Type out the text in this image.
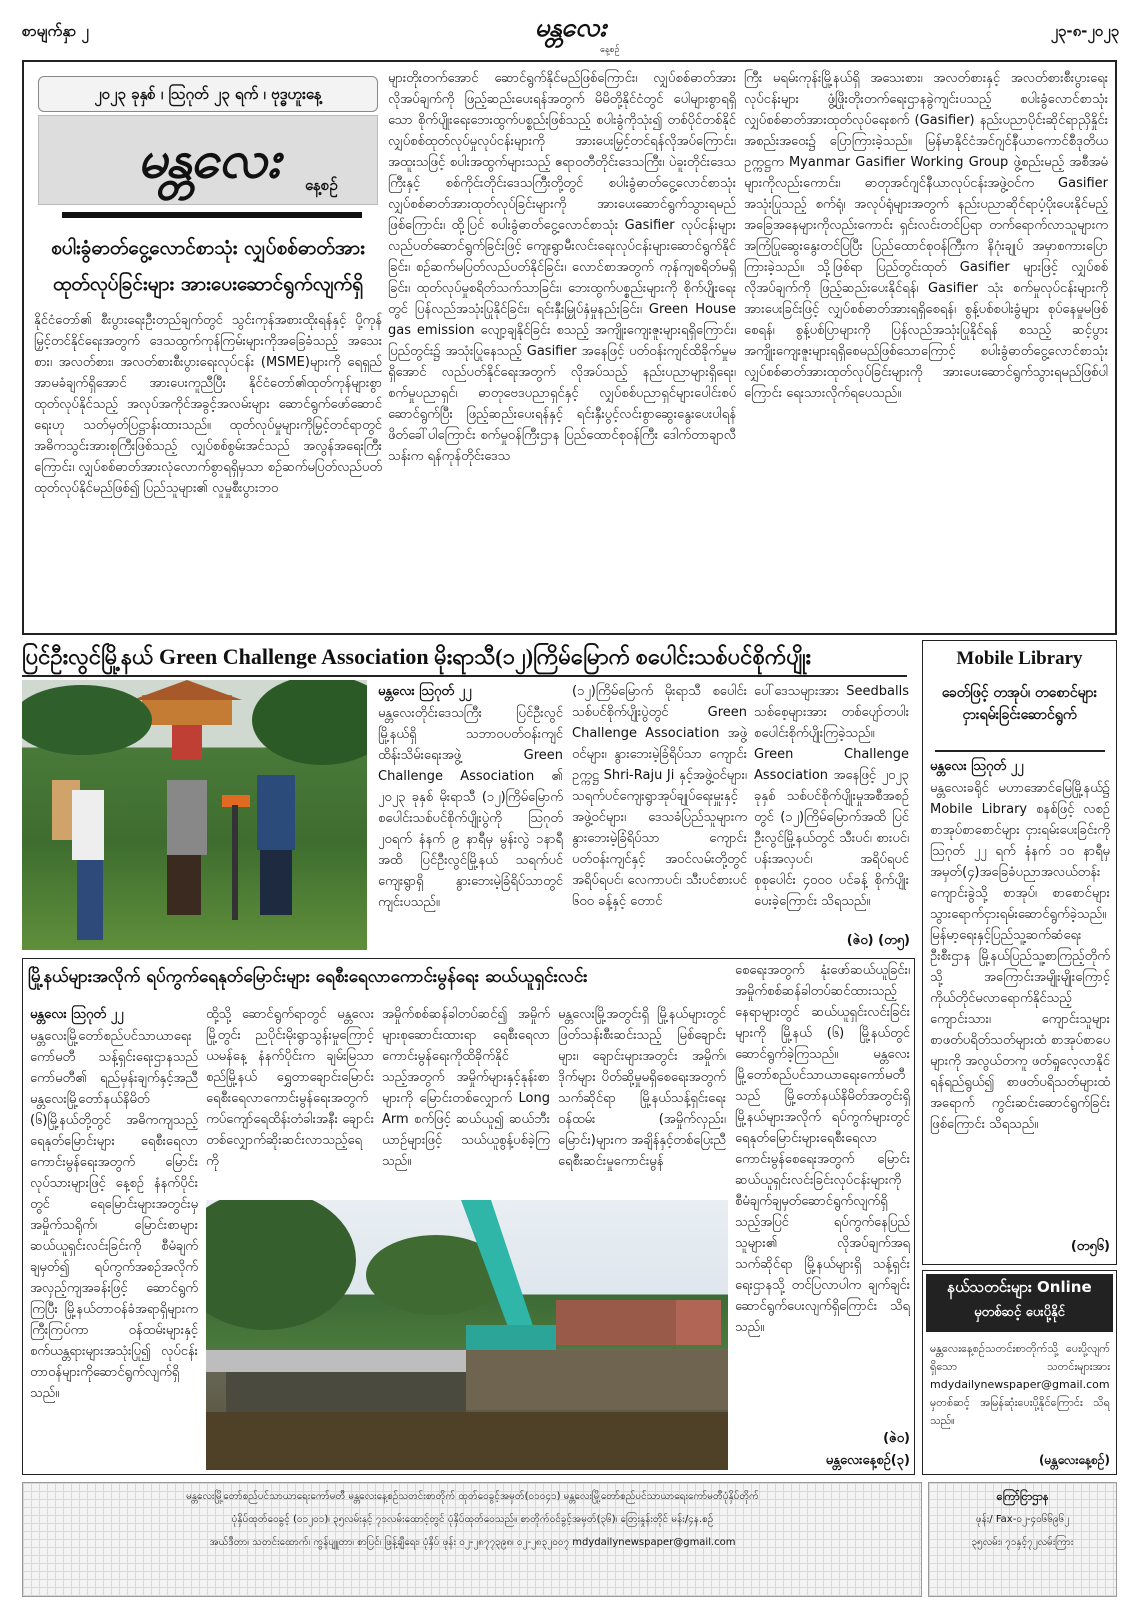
စာမျက်နှာ ၂	မန္တလေး
နေ့စဉ်
၂၃-၈-၂၀၂၃
၂၀၂၃ ခုနှစ် ၊ ဩဂုတ် ၂၃ ရက် ၊ ဗုဒ္ဓဟူးနေ့
မန္တလေး	နေ့စဉ်
စပါးခွံဓာတ်ငွေ့လောင်စာသုံး လျှပ်စစ်ဓာတ်အား ထုတ်လုပ်ခြင်းများ အားပေးဆောင်ရွက်လျက်ရှိ
နိုင်ငံတော်၏ စီးပွားရေးဦးတည်ချက်တွင် သွင်းကုန်အစားထိုးရန်နှင့် ပို့ကုန်မြှင့်တင်နိုင်ရေးအတွက် ဒေသထွက်ကုန်ကြမ်းများကိုအခြေခံသည့် အသေးစား၊ အလတ်စား၊ အလတ်စားစီးပွားရေးလုပ်ငန်း (MSME)များကို ရေရှည်အာမခံချက်ရှိအောင် အားပေးကူညီပြီး နိုင်ငံတော်၏ထုတ်ကုန်များစွာ ထုတ်လုပ်နိုင်သည့် အလုပ်အကိုင်အခွင့်အလမ်းများ ဆောင်ရွက်ဖော်ဆောင်ရေးဟု သတ်မှတ်ပြဋ္ဌာန်းထားသည်။ ထုတ်လုပ်မှုများကိုမြှင့်တင်ရာတွင် အဓိကသွင်းအားစုကြီးဖြစ်သည့် လျှပ်စစ်စွမ်းအင်သည် အလွန်အရေးကြီးကြောင်း၊ လျှပ်စစ်ဓာတ်အားလုံလောက်စွာရရှိမှသာ စဉ်ဆက်မပြတ်လည်ပတ်ထုတ်လုပ်နိုင်မည်ဖြစ်၍ ပြည်သူများ၏ လူမှုစီးပွားဘဝ
များတိုးတက်အောင် ဆောင်ရွက်နိုင်မည်ဖြစ်ကြောင်း၊ လျှပ်စစ်ဓာတ်အားလိုအပ်ချက်ကို ဖြည့်ဆည်းပေးရန်အတွက် မိမိတို့နိုင်ငံတွင် ပေါများစွာရရှိသော စိုက်ပျိုးရေးဘေးထွက်ပစ္စည်းဖြစ်သည့် စပါးခွံကိုသုံး၍ တစ်ပိုင်တစ်နိုင် လျှပ်စစ်ထုတ်လုပ်မှုလုပ်ငန်းများကို အားပေးမြှင့်တင်ရန်လိုအပ်ကြောင်း၊ အထူးသဖြင့် စပါးအထွက်များသည့် ဧရာဝတီတိုင်းဒေသကြီး၊ ပဲခူးတိုင်းဒေသကြီးနှင့် စစ်ကိုင်းတိုင်းဒေသကြီးတို့တွင် စပါးခွံဓာတ်ငွေ့လောင်စာသုံး လျှပ်စစ်ဓာတ်အားထုတ်လုပ်ခြင်းများကို အားပေးဆောင်ရွက်သွားရမည်ဖြစ်ကြောင်း၊ ထို့ပြင် စပါးခွံဓာတ်ငွေ့လောင်စာသုံး Gasifier လုပ်ငန်းများ လည်ပတ်ဆောင်ရွက်ခြင်းဖြင့် ကျေးရွာမီးလင်းရေးလုပ်ငန်းများဆောင်ရွက်နိုင်ခြင်း၊ စဉ်ဆက်မပြတ်လည်ပတ်နိုင်ခြင်း၊ လောင်စာအတွက် ကုန်ကျစရိတ်မရှိခြင်း၊ ထုတ်လုပ်မှုစရိတ်သက်သာခြင်း၊ ဘေးထွက်ပစ္စည်းများကို စိုက်ပျိုးရေးတွင် ပြန်လည်အသုံးပြုနိုင်ခြင်း၊ ရင်းနှီးမြှုပ်နှံမှုနည်းခြင်း၊ Green House gas emission လျော့ချနိုင်ခြင်း စသည့် အကျိုးကျေးဇူးများရရှိကြောင်း၊ ပြည်တွင်း၌ အသုံးပြုနေသည့် Gasifier အနေဖြင့် ပတ်ဝန်းကျင်ထိခိုက်မှုမရှိအောင် လည်ပတ်နိုင်ရေးအတွက် လိုအပ်သည့် နည်းပညာများရှိရေး၊ စက်မှုပညာရှင်၊ ဓာတုဗေဒပညာရှင်နှင့် လျှပ်စစ်ပညာရှင်များပေါင်းစပ်ဆောင်ရွက်ပြီး ဖြည့်ဆည်းပေးရန်နှင့် ရင်းနှီးပွင့်လင်းစွာဆွေးနွေးပေးပါရန် ဖိတ်ခေါ်ပါကြောင်း စက်မှုဝန်ကြီးဌာန ပြည်ထောင်စုဝန်ကြီး ဒေါက်တာချာလီသန်းက ရန်ကုန်တိုင်းဒေသ
ကြီး မရမ်းကုန်းမြို့နယ်ရှိ အသေးစား၊ အလတ်စားနှင့် အလတ်စားစီးပွားရေးလုပ်ငန်းများ ဖွံ့ဖြိုးတိုးတက်ရေးဌာနခွဲကျင်းပသည့် စပါးခွံလောင်စာသုံး လျှပ်စစ်ဓာတ်အားထုတ်လုပ်ရေးစက် (Gasifier) နည်းပညာပိုင်းဆိုင်ရာညှိနှိုင်းအစည်းအဝေး၌ ပြောကြားခဲ့သည်။ မြန်မာနိုင်ငံအင်ဂျင်နီယာကောင်စီဒုတိယဥက္ကဋ္ဌက Myanmar Gasifier Working Group ဖွဲ့စည်းမည့် အစီအမံများကိုလည်းကောင်း၊ ဓာတုအင်ဂျင်နီယာလုပ်ငန်းအဖွဲ့ဝင်က Gasifier အသုံးပြုသည့် စက်ရုံ၊ အလုပ်ရုံများအတွက် နည်းပညာဆိုင်ရာပံ့ပိုးပေးနိုင်မည့် အခြေအနေများကိုလည်းကောင်း ရှင်းလင်းတင်ပြရာ တက်ရောက်လာသူများက အကြံပြုဆွေးနွေးတင်ပြပြီး ပြည်ထောင်စုဝန်ကြီးက နိဂုံးချုပ် အမှာစကားပြောကြားခဲ့သည်။ သို့ဖြစ်ရာ ပြည်တွင်းထုတ် Gasifier များဖြင့် လျှပ်စစ်လိုအပ်ချက်ကို ဖြည့်ဆည်းပေးနိုင်ရန်၊ Gasifier သုံး စက်မှုလုပ်ငန်းများကို အားပေးခြင်းဖြင့် လျှပ်စစ်ဓာတ်အားရရှိစေရန်၊ စွန့်ပစ်စပါးခွံများ စုပ်နေမှုမဖြစ်စေရန်၊ စွန့်ပစ်ပြာများကို ပြန်လည်အသုံးပြုနိုင်ရန် စသည့် ဆင့်ပွားအကျိုးကျေးဇူးများရရှိစေမည်ဖြစ်သောကြောင့် စပါးခွံဓာတ်ငွေ့လောင်စာသုံး လျှပ်စစ်ဓာတ်အားထုတ်လုပ်ခြင်းများကို အားပေးဆောင်ရွက်သွားရမည်ဖြစ်ပါကြောင်း ရေးသားလိုက်ရပေသည်။
ပြင်ဦးလွင်မြို့နယ် Green Challenge Association မိုးရာသီ(၁၂)ကြိမ်မြောက် စပေါင်းသစ်ပင်စိုက်ပျိုး
မန္တလေး ဩဂုတ် ၂၂
မန္တလေးတိုင်းဒေသကြီး ပြင်ဦးလွင်မြို့နယ်ရှိ သဘာဝပတ်ဝန်းကျင်ထိန်းသိမ်းရေးအဖွဲ့ Green Challenge Association ၏ ၂၀၂၃ ခုနှစ် မိုးရာသီ (၁၂)ကြိမ်မြောက် စပေါင်းသစ်ပင်စိုက်ပျိုးပွဲကို ဩဂုတ် ၂၀ရက် နံနက် ၉ နာရီမှ မွန်းလွဲ ၁နာရီအထိ ပြင်ဦးလွင်မြို့နယ် သရက်ပင်ကျေးရွာရှိ နွားဘေးမဲ့ခြံရိပ်သာတွင် ကျင်းပသည်။
(၁၂)ကြိမ်မြောက် မိုးရာသီ စပေါင်းသစ်ပင်စိုက်ပျိုးပွဲတွင် Green Challenge Association အဖွဲ့ဝင်များ၊ နွားဘေးမဲ့ခြံရိပ်သာ ကျောင်းဥက္ကဋ္ဌ Shri-Raju Ji နှင့်အဖွဲ့ဝင်များ၊ သရက်ပင်ကျေးရွာအုပ်ချုပ်ရေးမှူးနှင့် အဖွဲ့ဝင်များ၊ ဒေသခံပြည်သူများက နွားဘေးမဲ့ခြံရိပ်သာ ကျောင်းပတ်ဝန်းကျင်နှင့် အဝင်လမ်းတို့တွင် အရိပ်ရပင်၊ လေကာပင်၊ သီးပင်စားပင် ၆၀၀ ခန့်နှင့် တောင်
ပေါ်ဒေသများအား Seedballs သစ်စေ့များအား တစ်ပျော်တပါး စပေါင်းစိုက်ပျိုးကြခဲ့သည်။ Green Challenge Association အနေဖြင့် ၂၀၂၃ ခုနှစ် သစ်ပင်စိုက်ပျိုးမှုအစီအစဉ်တွင် (၁၂)ကြိမ်မြောက်အထိ ပြင်ဦးလွင်မြို့နယ်တွင် သီးပင်၊ စားပင်၊ ပန်းအလှပင်၊ အရိပ်ရပင် စုစုပေါင်း ၄၀၀၀ ပင်ခန့် စိုက်ပျိုးပေးခဲ့ကြောင်း သိရသည်။
(ဇဲဝ) (တ၅)
Mobile Library
ခေတ်ဖြင့် တအုပ်၊ တစောင်များ ငှားရမ်းခြင်းဆောင်ရွက်
မန္တလေး ဩဂုတ် ၂၂
မန္တလေးခရိုင် မဟာအောင်မြေမြို့နယ်၌ Mobile Library စနစ်ဖြင့် လစဉ်စာအုပ်စာစောင်များ ငှားရမ်းပေးခြင်းကို ဩဂုတ် ၂၂ ရက် နံနက် ၁၀ နာရီမှ အမှတ်(၄)အခြေခံပညာအလယ်တန်းကျောင်းခွဲသို့ စာအုပ်၊ စာစောင်များ သွားရောက်ငှားရမ်းဆောင်ရွက်ခဲ့သည်။ မြန်မာ့ရေးနှင့်ပြည်သူ့ဆက်ဆံရေးဦးစီးဌာန မြို့နယ်ပြည်သူ့စာကြည့်တိုက်သို့ အကြောင်းအမျိုးမျိုးကြောင့် ကိုယ်တိုင်မလာရောက်နိုင်သည့် ကျောင်းသား၊ ကျောင်းသူများ စာဖတ်ပရိတ်သတ်များထံ စာအုပ်စာပေများကို အလွယ်တကူ ဖတ်ရှုလေ့လာနိုင်ရန်ရည်ရွယ်၍ စာဖတ်ပရိသတ်များထံအရောက် ကွင်းဆင်းဆောင်ရွက်ခြင်းဖြစ်ကြောင်း သိရသည်။
(တ၅၆)
နယ်သတင်းများ Online
မှတစ်ဆင့် ပေးပို့နိုင်
မန္တလေးနေ့စဉ်သတင်းစာတိုက်သို့ ပေးပို့လျက်ရှိသော သတင်းများအား mdydailynewspaper@gmail.com မှတစ်ဆင့် အမြန်ဆုံးပေးပို့နိုင်ကြောင်း သိရသည်။
(မန္တလေးနေ့စဉ်)
မြို့နယ်များအလိုက် ရပ်ကွက်ရေနုတ်မြောင်းများ ရေစီးရေလာကောင်းမွန်ရေး ဆယ်ယူရှင်းလင်း
မန္တလေး ဩဂုတ် ၂၂
မန္တလေးမြို့တော်စည်ပင်သာယာရေးကော်မတီ သန့်ရှင်းရေးဌာနသည် ကော်မတီ၏ ရည်မှန်းချက်နှင့်အညီ မန္တလေးမြို့တော်နယ်နိမိတ် (၆)မြို့နယ်တို့တွင် အဓိကကျသည့် ရေနုတ်မြောင်းများ ရေစီးရေလာကောင်းမွန်ရေးအတွက် မြောင်းလုပ်သားများဖြင့် နေ့စဉ် နံနက်ပိုင်းတွင် ရေမြောင်းများအတွင်းမှ အမှိုက်သရိုက်၊ မြောင်းစာများဆယ်ယူရှင်းလင်းခြင်းကို စီမံချက်ချမှတ်၍ ရပ်ကွက်အစဉ်အလိုက် အလှည့်ကျအခန်းဖြင့် ဆောင်ရွက်ကြပြီး မြို့နယ်တာဝန်ခံအရာရှိများက ကြီးကြပ်ကာ ဝန်ထမ်းများနှင့် စက်ယန္တရားများအသုံးပြု၍ လုပ်ငန်းတာဝန်များကိုဆောင်ရွက်လျက်ရှိသည်။
ထို့သို့ ဆောင်ရွက်ရာတွင် မန္တလေးမြို့တွင်း ညပိုင်းမိုးရွာသွန်းမှုကြောင့် ယမန်နေ့ နံနက်ပိုင်းက ချမ်းမြသာစည်မြို့နယ် ရွှေတာချောင်းမြောင်း ရေစီးရေလာကောင်းမွန်ရေးအတွက် ကပ်ကျော်ရေထိန်းတံခါးအနီး ချောင်းတစ်လျှောက်ဆိုးဆင်းလာသည့်ရေကို
အမှိုက်စစ်ဆန်ခါတပ်ဆင်၍ အမှိုက်များစုဆောင်းထားရာ ရေစီးရေလာကောင်းမွန်ရေးကိုထိခိုက်နိုင်သည့်အတွက် အမှိုက်များနှင့်နုန်းစာများကို မြောင်းတစ်လျှောက် Long Arm စက်ဖြင့် ဆယ်ယူ၍ ဆယ်ဘီးယာဉ်များဖြင့် သယ်ယူစွန့်ပစ်ခဲ့ကြသည်။
မန္တလေးမြို့အတွင်းရှိ မြို့နယ်များတွင် ဖြတ်သန်းစီးဆင်းသည့် မြစ်ချောင်းများ၊ ချောင်းများအတွင်း အမှိုက်၊ ဒိုက်များ ပိတ်ဆို့မှုမရှိစေရေးအတွက် သက်ဆိုင်ရာ မြို့နယ်သန့်ရှင်းရေးဝန်ထမ်း (အမှိုက်လှည်း၊ မြောင်း)များက အချိန်နှင့်တစ်ပြေးညီ ရေစီးဆင်းမှုကောင်းမွန်
စေရေးအတွက် နုံးဖော်ဆယ်ယူခြင်း၊ အမှိုက်စစ်ဆန်ခါတပ်ဆင်ထားသည့်နေရာများတွင် ဆယ်ယူရှင်းလင်းခြင်းများကို မြို့နယ် (၆) မြို့နယ်တွင် ဆောင်ရွက်ခဲ့ကြသည်။ မန္တလေးမြို့တော်စည်ပင်သာယာရေးကော်မတီသည် မြို့တော်နယ်နိမိတ်အတွင်းရှိ မြို့နယ်များအလိုက် ရပ်ကွက်များတွင် ရေနုတ်မြောင်းများရေစီးရေလာကောင်းမွန်စေရေးအတွက် မြောင်းဆယ်ယူရှင်းလင်းခြင်းလုပ်ငန်းများကို စီမံချက်ချမှတ်ဆောင်ရွက်လျက်ရှိသည့်အပြင် ရပ်ကွက်နေပြည်သူများ၏ လိုအပ်ချက်အရ သက်ဆိုင်ရာ မြို့နယ်များရှိ သန့်ရှင်းရေးဌာနသို့ တင်ပြလာပါက ချက်ချင်းဆောင်ရွက်ပေးလျက်ရှိကြောင်း သိရသည်။
(ဇဲဝ)
မန္တလေးနေ့စဉ်(၃)
မန္တလေးမြို့တော်စည်ပင်သာယာရေးကော်မတီ မန္တလေးနေ့စဉ်သတင်းစာတိုက် ထုတ်ဝေခွင့်အမှတ်(၀၁၀၄၁) မန္တလေးမြို့တော်စည်ပင်သာယာရေးကော်မတီပုံနှိပ်တိုက်
ပုံနှိပ်ထုတ်ဝေခွင့် (၀၁၂၀၁)၊ ၃၅လမ်းနှင့် ၇၁လမ်းထောင့်တွင် ပုံနှိပ်ထုတ်ဝေသည်။ စာတိုက်ဝင်ခွင့်အမှတ်(၃၆)၊ တြေးနှုန်းတိုင် မန်း/၄န.စဉ်
အယ်ဒီတာ၊ သတင်းထောက်၊ ကွန်ပျူတာ၊ စာပြင်၊ ဖြန့်ချီရေး၊ ပုံနှိပ် ဖုန်း ၀၂-၂၈၇၇၃၉၈၊ ၀၂-၂၈၃၂၀၀၇ mdydailynewspaper@gmail.com
ကြော်ငြာဌာန
ဖုန်း/ Fax-၀၂-၄၀၆၆၉၆၂
၃၅လမ်း၊ ၇၁နှင့်၇၂လမ်းကြား
